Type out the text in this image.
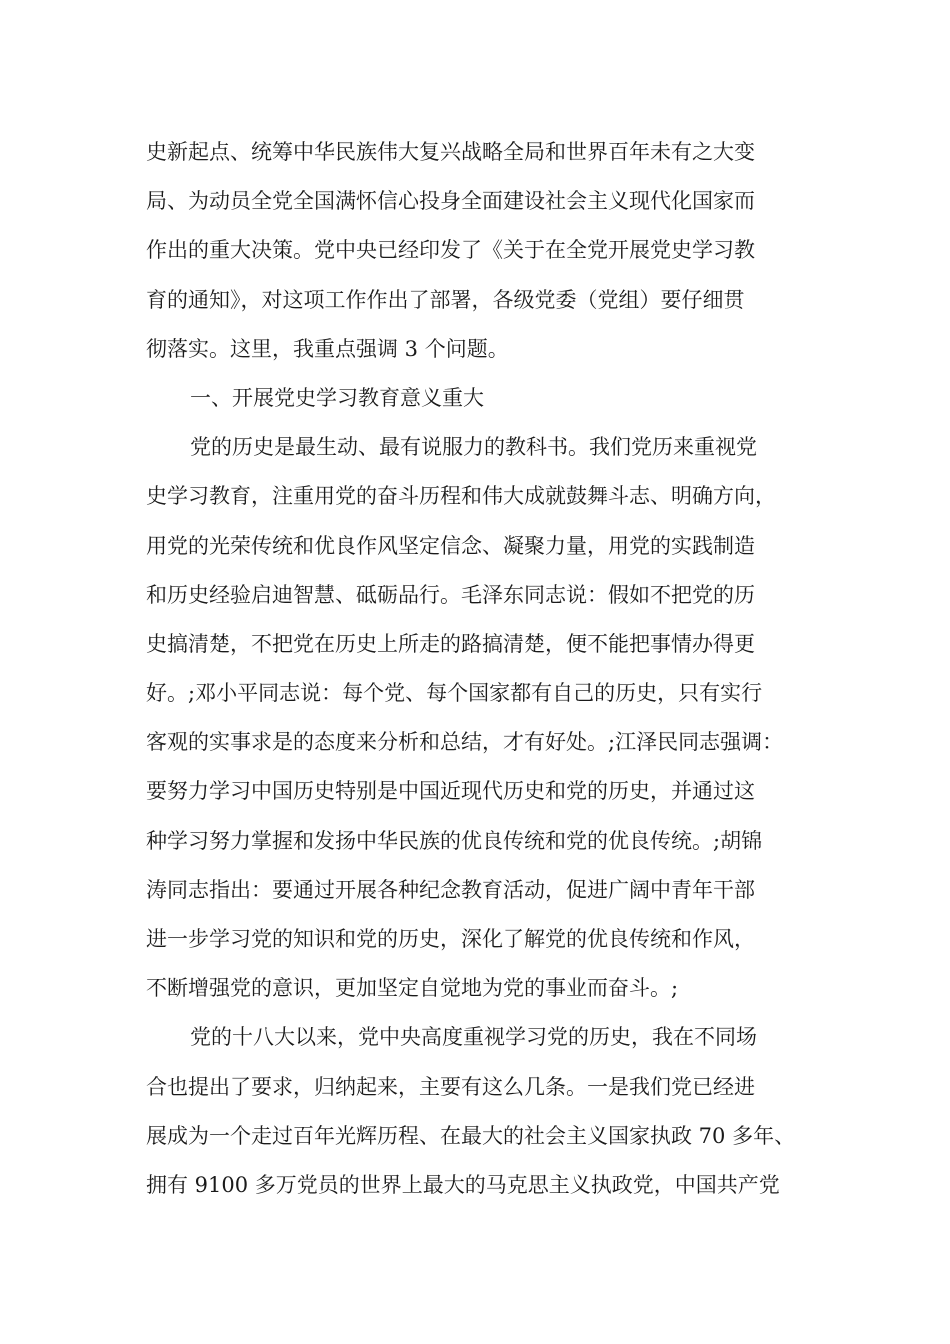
史新起点、统筹中华民族伟大复兴战略全局和世界百年未有之大变
局、为动员全党全国满怀信心投身全面建设社会主义现代化国家而
作出的重大决策。党中央已经印发了《关于在全党开展党史学习教
育的通知》，对这项工作作出了部署，各级党委（党组）要仔细贯
彻落实。这里，我重点强调 3 个问题。
一、开展党史学习教育意义重大
党的历史是最生动、最有说服力的教科书。我们党历来重视党
史学习教育，注重用党的奋斗历程和伟大成就鼓舞斗志、明确方向，
用党的光荣传统和优良作风坚定信念、凝聚力量，用党的实践制造
和历史经验启迪智慧、砥砺品行。毛泽东同志说：假如不把党的历
史搞清楚，不把党在历史上所走的路搞清楚，便不能把事情办得更
好。;邓小平同志说：每个党、每个国家都有自己的历史，只有实行
客观的实事求是的态度来分析和总结，才有好处。;江泽民同志强调：
要努力学习中国历史特别是中国近现代历史和党的历史，并通过这
种学习努力掌握和发扬中华民族的优良传统和党的优良传统。;胡锦
涛同志指出：要通过开展各种纪念教育活动，促进广阔中青年干部
进一步学习党的知识和党的历史，深化了解党的优良传统和作风，
不断增强党的意识，更加坚定自觉地为党的事业而奋斗。;
党的十八大以来，党中央高度重视学习党的历史，我在不同场
合也提出了要求，归纳起来，主要有这么几条。一是我们党已经进
展成为一个走过百年光辉历程、在最大的社会主义国家执政 70 多年、
拥有 9100 多万党员的世界上最大的马克思主义执政党，中国共产党
